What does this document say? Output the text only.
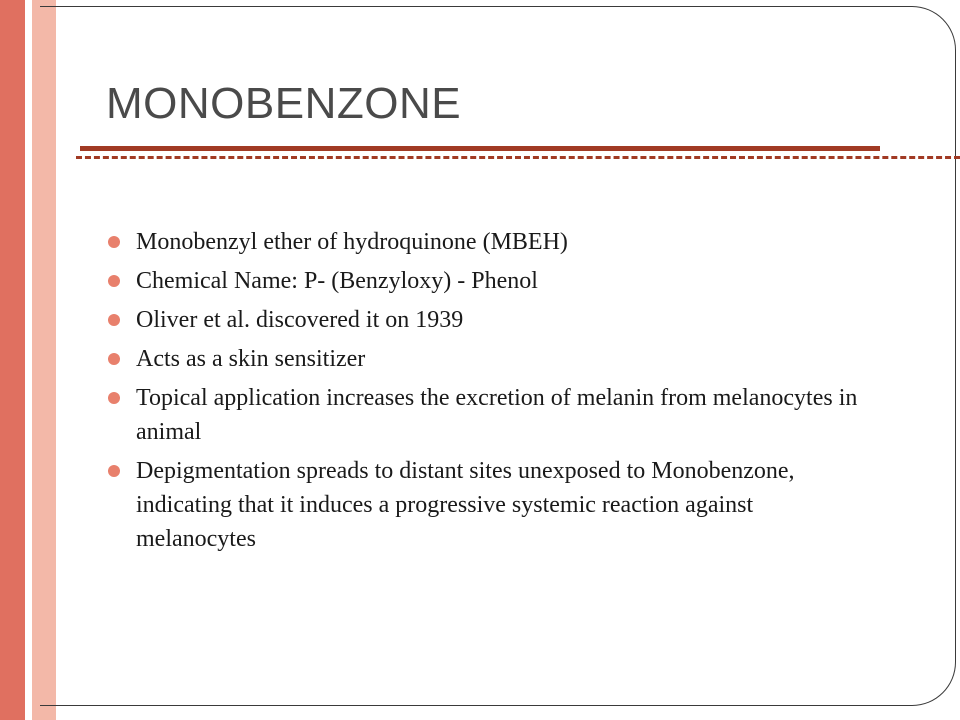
MONOBENZONE
Monobenzyl ether of hydroquinone (MBEH)
Chemical Name: P- (Benzyloxy) - Phenol
Oliver et al. discovered it on 1939
Acts as a skin sensitizer
Topical application increases the excretion of melanin from melanocytes in animal
Depigmentation spreads to distant sites unexposed to Monobenzone, indicating that it induces a progressive systemic reaction against melanocytes
